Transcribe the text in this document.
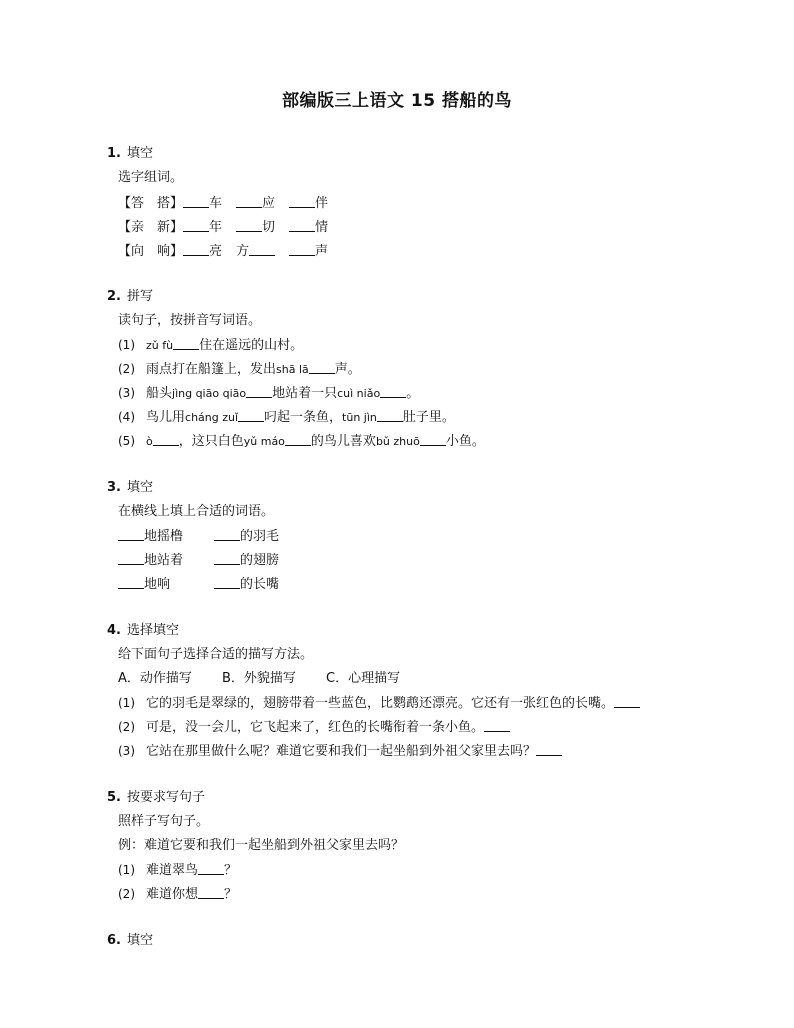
部编版三上语文 15 搭船的鸟
1. 填空
选字组词。
【答　搭】 车	应	伴
【亲　新】 年	切	情
【向　响】 亮 方	声
2. 拼写
读句子，按拼音写词语。
(1) zǔ fù 住在遥远的山村。
(2) 雨点打在船篷上，发出shā lā 声。
(3) 船头jìng qiāo qiāo 地站着一只cuì niǎo 。
(4) 鸟儿用cháng zuǐ 叼起一条鱼，tūn jìn 肚子里。
(5) ò ，这只白色yǔ máo 的鸟儿喜欢bǔ zhuō 小鱼。
3. 填空
在横线上填上合适的词语。
地摇橹	的羽毛
地站着	的翅膀
地响	的长嘴
4. 选择填空
给下面句子选择合适的描写方法。
A．动作描写 B．外貌描写 C．心理描写
(1) 它的羽毛是翠绿的，翅膀带着一些蓝色，比鹦鹉还漂亮。它还有一张红色的长嘴。
(2) 可是，没一会儿，它飞起来了，红色的长嘴衔着一条小鱼。
(3) 它站在那里做什么呢？难道它要和我们一起坐船到外祖父家里去吗？
5. 按要求写句子
照样子写句子。
例：难道它要和我们一起坐船到外祖父家里去吗？
(1) 难道翠鸟 ？
(2) 难道你想 ？
6. 填空
